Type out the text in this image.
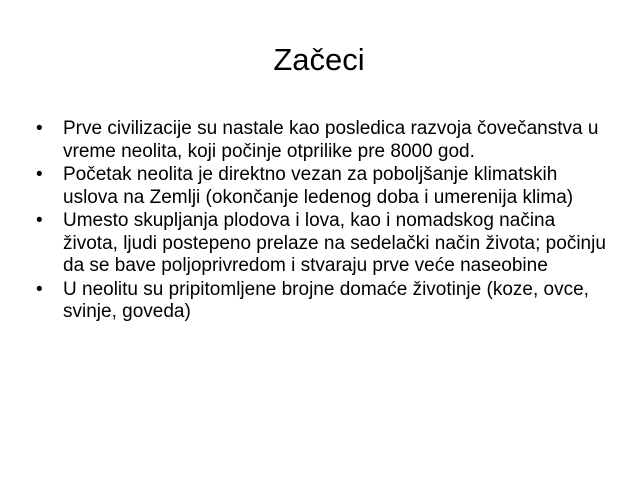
Začeci
• Prve civilizacije su nastale kao posledica razvoja čovečanstva u vreme neolita, koji počinje otprilike pre 8000 god.
• Početak neolita je direktno vezan za poboljšanje klimatskih uslova na Zemlji (okončanje ledenog doba i umerenija klima)
• Umesto skupljanja plodova i lova, kao i nomadskog načina života, ljudi postepeno prelaze na sedelački način života; počinju da se bave poljoprivredom i stvaraju prve veće naseobine
• U neolitu su pripitomljene brojne domaće životinje (koze, ovce, svinje, goveda)
